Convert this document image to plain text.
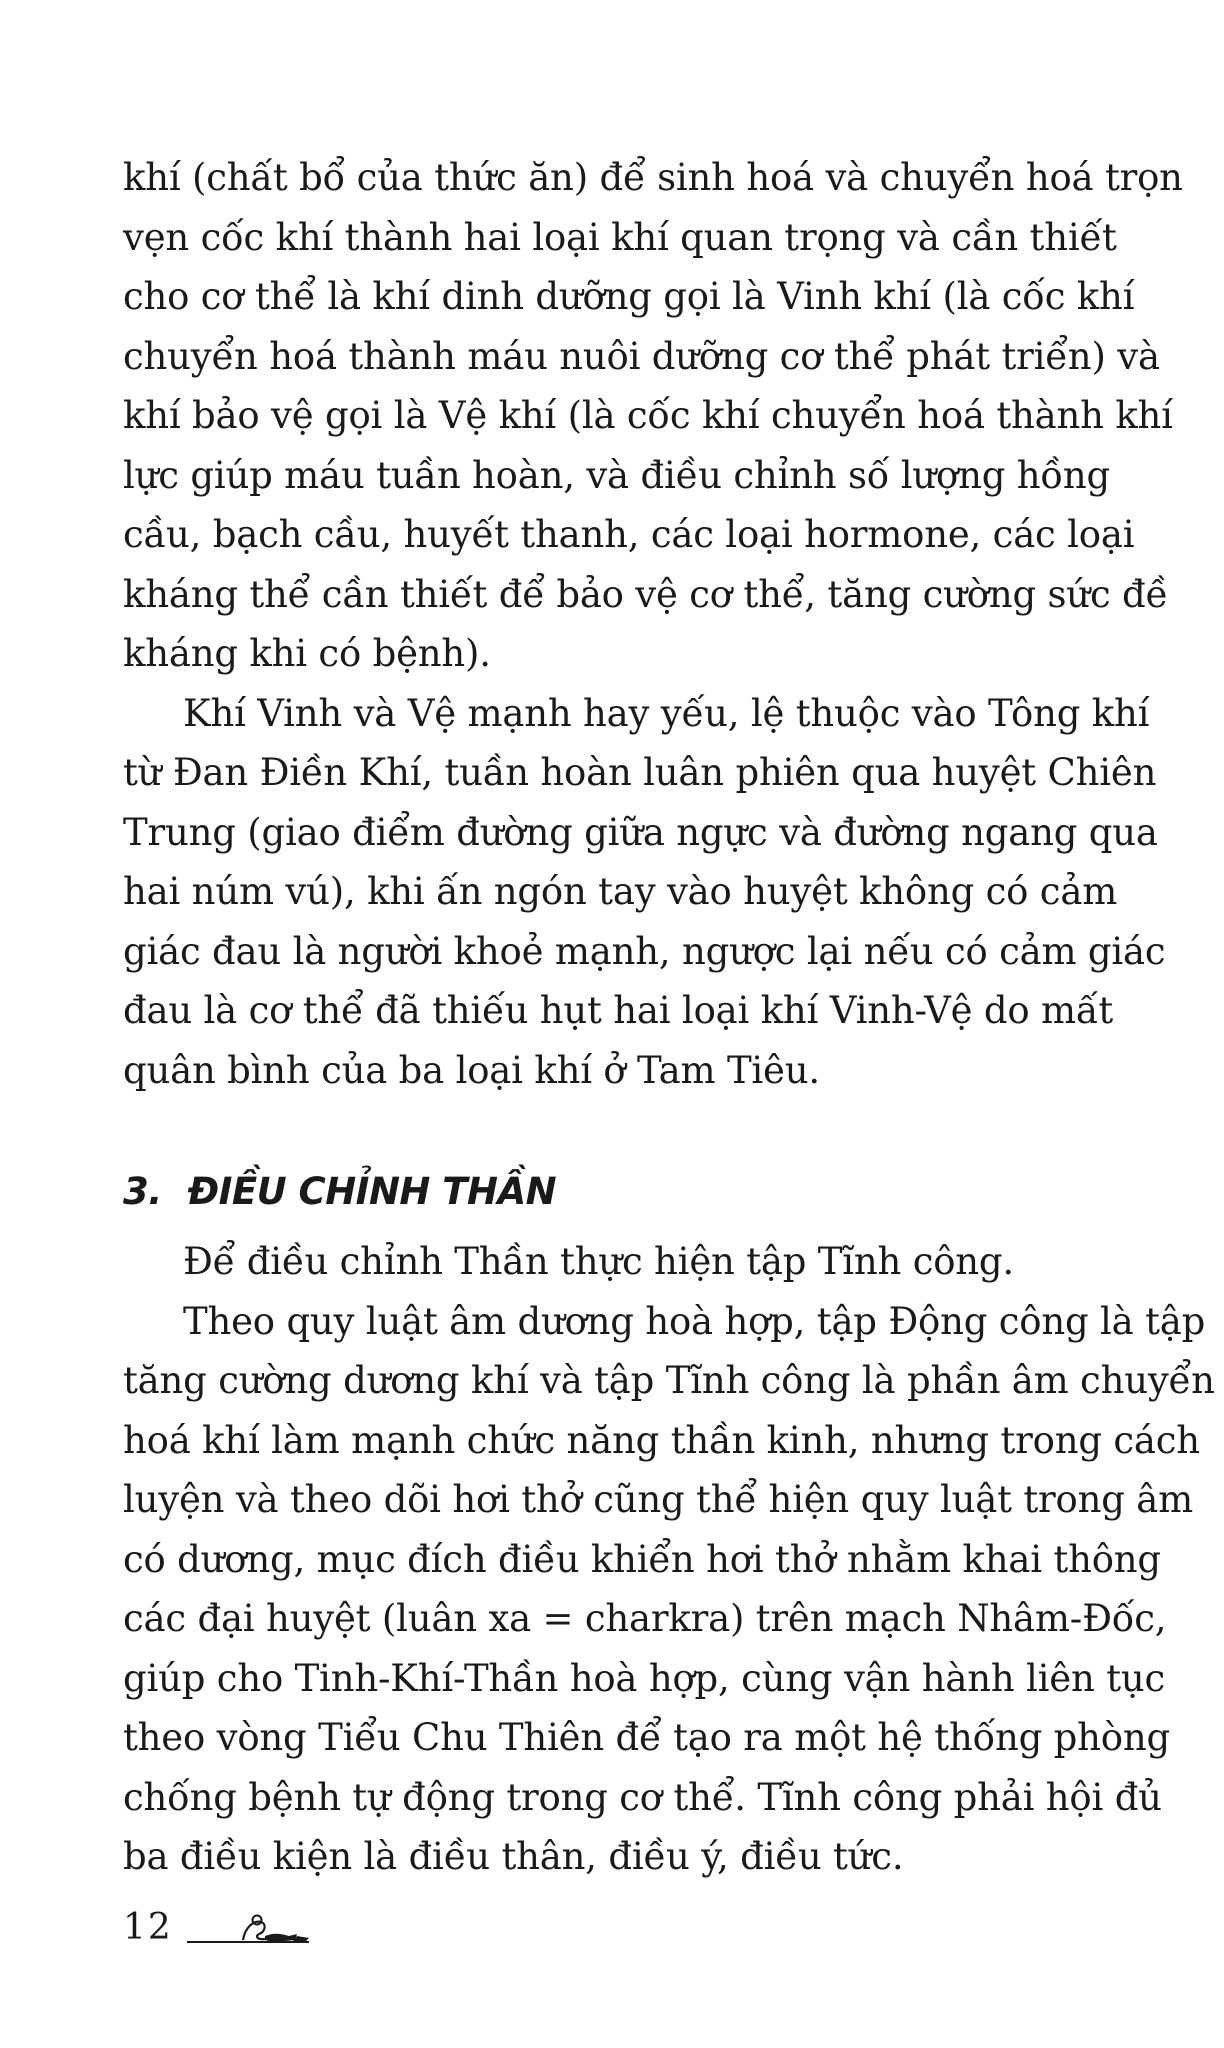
khí (chất bổ của thức ăn) để sinh hoá và chuyển hoá trọn
vẹn cốc khí thành hai loại khí quan trọng và cần thiết
cho cơ thể là khí dinh dưỡng gọi là Vinh khí (là cốc khí
chuyển hoá thành máu nuôi dưỡng cơ thể phát triển) và
khí bảo vệ gọi là Vệ khí (là cốc khí chuyển hoá thành khí
lực giúp máu tuần hoàn, và điều chỉnh số lượng hồng
cầu, bạch cầu, huyết thanh, các loại hormone, các loại
kháng thể cần thiết để bảo vệ cơ thể, tăng cường sức đề
kháng khi có bệnh).
Khí Vinh và Vệ mạnh hay yếu, lệ thuộc vào Tông khí
từ Đan Điền Khí, tuần hoàn luân phiên qua huyệt Chiên
Trung (giao điểm đường giữa ngực và đường ngang qua
hai núm vú), khi ấn ngón tay vào huyệt không có cảm
giác đau là người khoẻ mạnh, ngược lại nếu có cảm giác
đau là cơ thể đã thiếu hụt hai loại khí Vinh-Vệ do mất
quân bình của ba loại khí ở Tam Tiêu.
3. ĐIỀU CHỈNH THẦN
Để điều chỉnh Thần thực hiện tập Tĩnh công.
Theo quy luật âm dương hoà hợp, tập Động công là tập
tăng cường dương khí và tập Tĩnh công là phần âm chuyển
hoá khí làm mạnh chức năng thần kinh, nhưng trong cách
luyện và theo dõi hơi thở cũng thể hiện quy luật trong âm
có dương, mục đích điều khiển hơi thở nhằm khai thông
các đại huyệt (luân xa = charkra) trên mạch Nhâm-Đốc,
giúp cho Tinh-Khí-Thần hoà hợp, cùng vận hành liên tục
theo vòng Tiểu Chu Thiên để tạo ra một hệ thống phòng
chống bệnh tự động trong cơ thể. Tĩnh công phải hội đủ
ba điều kiện là điều thân, điều ý, điều tức.
12
